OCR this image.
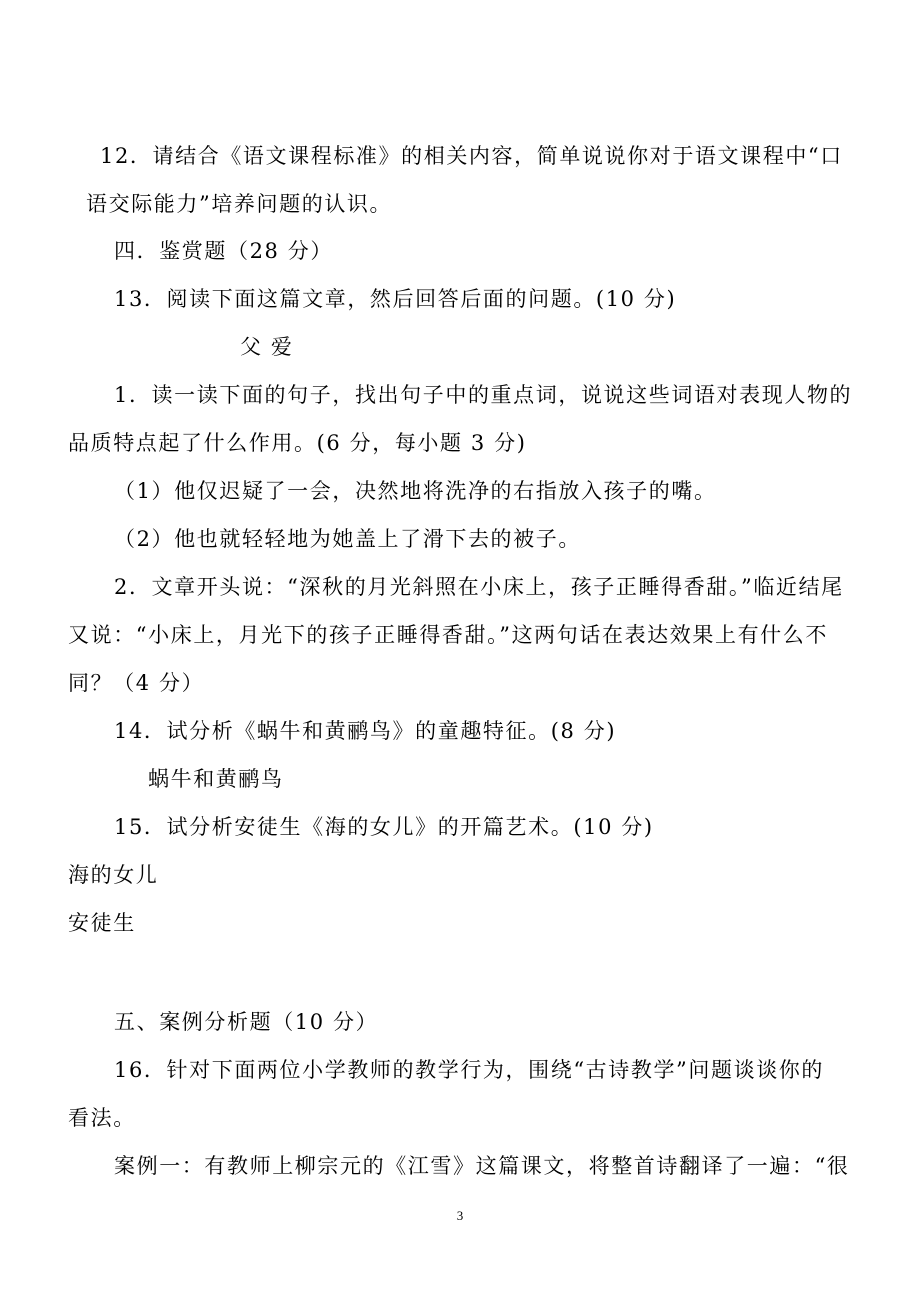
12．请结合《语文课程标准》的相关内容，简单说说你对于语文课程中“口
语交际能力”培养问题的认识。
四．鉴赏题（28 分）
13．阅读下面这篇文章，然后回答后面的问题。(10 分)
父 爱
1．读一读下面的句子，找出句子中的重点词，说说这些词语对表现人物的
品质特点起了什么作用。(6 分，每小题 3 分)
（1）他仅迟疑了一会，决然地将洗净的右指放入孩子的嘴。
（2）他也就轻轻地为她盖上了滑下去的被子。
2．文章开头说：“深秋的月光斜照在小床上，孩子正睡得香甜。”临近结尾
又说：“小床上，月光下的孩子正睡得香甜。”这两句话在表达效果上有什么不
同？（4 分）
14．试分析《蜗牛和黄鹂鸟》的童趣特征。(8 分)
蜗牛和黄鹂鸟
15．试分析安徒生《海的女儿》的开篇艺术。(10 分)
海的女儿
安徒生
五、案例分析题（10 分）
16．针对下面两位小学教师的教学行为，围绕“古诗教学”问题谈谈你的
看法。
案例一：有教师上柳宗元的《江雪》这篇课文，将整首诗翻译了一遍：“很
3
